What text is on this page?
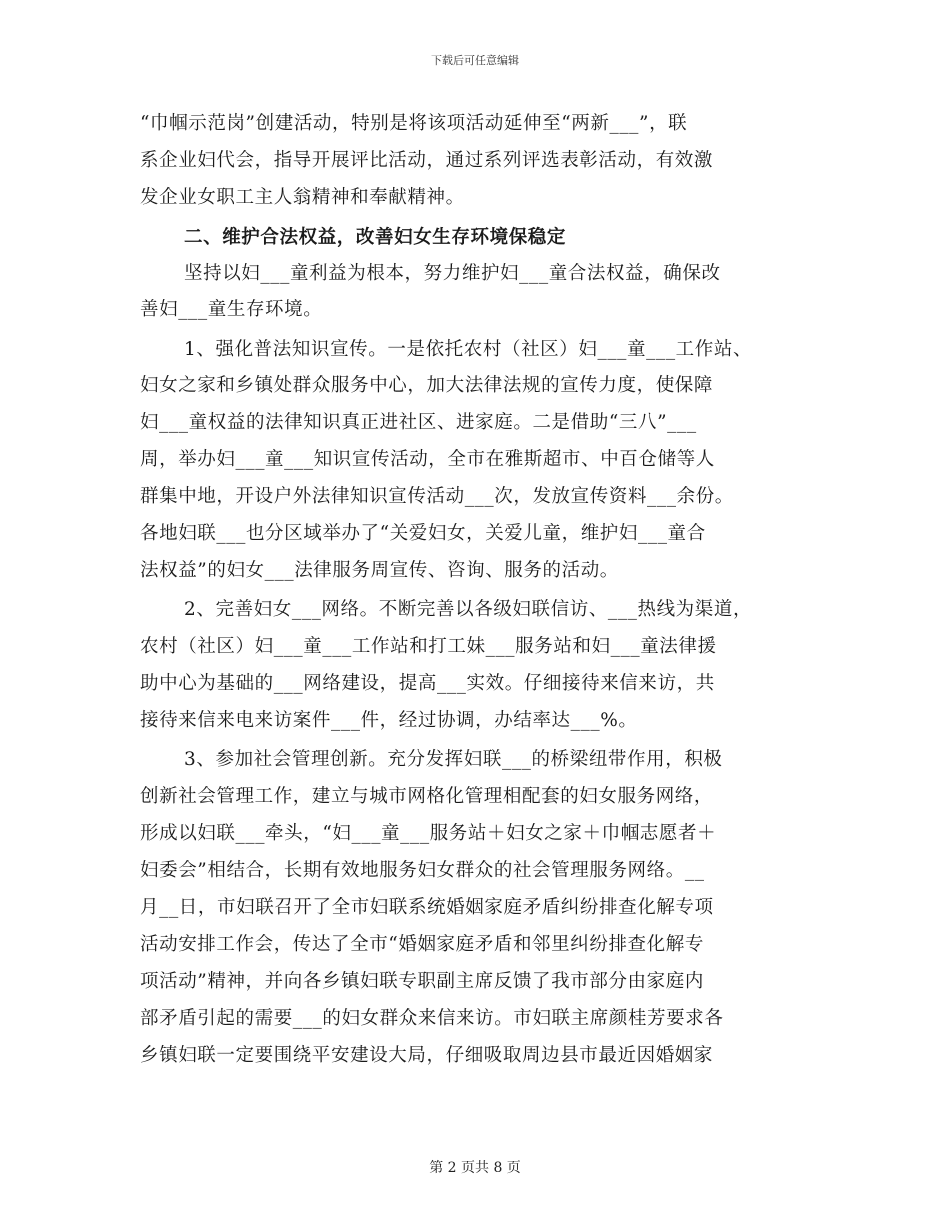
下载后可任意编辑
“巾帼示范岗”创建活动，特别是将该项活动延伸至“两新___”，联
系企业妇代会，指导开展评比活动，通过系列评选表彰活动，有效激
发企业女职工主人翁精神和奉献精神。
二、维护合法权益，改善妇女生存环境保稳定
坚持以妇___童利益为根本，努力维护妇___童合法权益，确保改
善妇___童生存环境。
1、强化普法知识宣传。一是依托农村（社区）妇___童___工作站、
妇女之家和乡镇处群众服务中心，加大法律法规的宣传力度，使保障
妇___童权益的法律知识真正进社区、进家庭。二是借助“三八”___
周，举办妇___童___知识宣传活动，全市在雅斯超市、中百仓储等人
群集中地，开设户外法律知识宣传活动___次，发放宣传资料___余份。
各地妇联___也分区域举办了“关爱妇女，关爱儿童，维护妇___童合
法权益”的妇女___法律服务周宣传、咨询、服务的活动。
2、完善妇女___网络。不断完善以各级妇联信访、___热线为渠道，
农村（社区）妇___童___工作站和打工妹___服务站和妇___童法律援
助中心为基础的___网络建设，提高___实效。仔细接待来信来访，共
接待来信来电来访案件___件，经过协调，办结率达___%。
3、参加社会管理创新。充分发挥妇联___的桥梁纽带作用，积极
创新社会管理工作，建立与城市网格化管理相配套的妇女服务网络，
形成以妇联___牵头，“妇___童___服务站＋妇女之家＋巾帼志愿者＋
妇委会”相结合，长期有效地服务妇女群众的社会管理服务网络。__
月__日，市妇联召开了全市妇联系统婚姻家庭矛盾纠纷排查化解专项
活动安排工作会，传达了全市“婚姻家庭矛盾和邻里纠纷排查化解专
项活动”精神，并向各乡镇妇联专职副主席反馈了我市部分由家庭内
部矛盾引起的需要___的妇女群众来信来访。市妇联主席颜桂芳要求各
乡镇妇联一定要围绕平安建设大局，仔细吸取周边县市最近因婚姻家
第 2 页共 8 页
